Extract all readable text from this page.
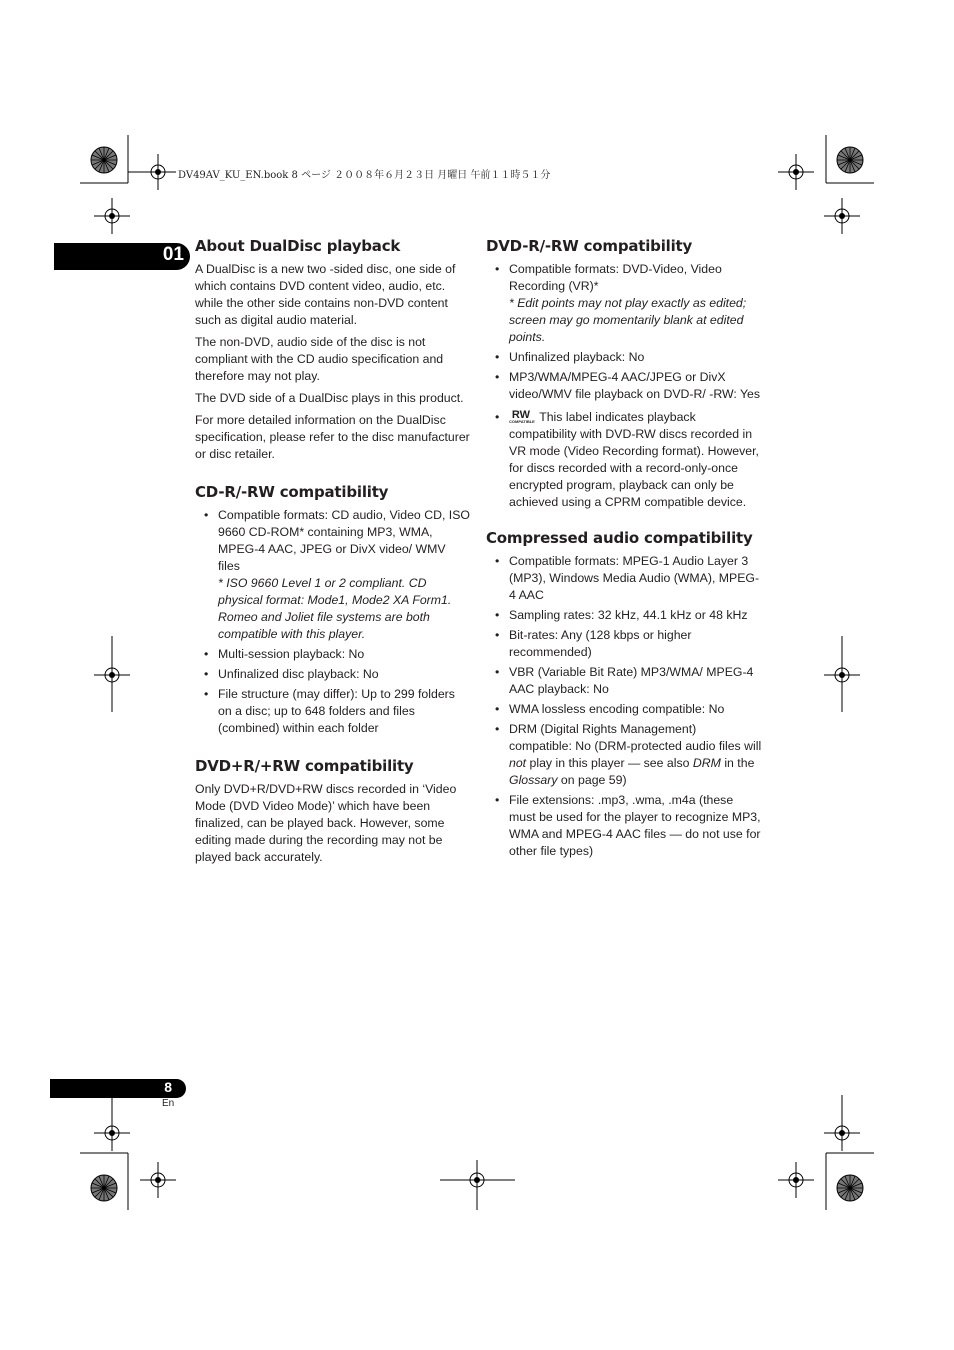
DV49AV_KU_EN.book 8 ページ ２００８年６月２３日 月曜日 午前１１時５１分
01 About DualDisc playback

A DualDisc is a new two -sided disc, one side of which contains DVD content video, audio, etc. while the other side contains non-DVD content such as digital audio material.

The non-DVD, audio side of the disc is not compliant with the CD audio specification and therefore may not play.

The DVD side of a DualDisc plays in this product.

For more detailed information on the DualDisc specification, please refer to the disc manufacturer or disc retailer.

CD-R/-RW compatibility
• Compatible formats: CD audio, Video CD, ISO 9660 CD-ROM* containing MP3, WMA, MPEG-4 AAC, JPEG or DivX video/ WMV files
* ISO 9660 Level 1 or 2 compliant. CD physical format: Mode1, Mode2 XA Form1. Romeo and Joliet file systems are both compatible with this player.
• Multi-session playback: No
• Unfinalized disc playback: No
• File structure (may differ): Up to 299 folders on a disc; up to 648 folders and files (combined) within each folder
DVD+R/+RW compatibility

Only DVD+R/DVD+RW discs recorded in ‘Video Mode (DVD Video Mode)’ which have been finalized, can be played back. However, some editing made during the recording may not be played back accurately.

DVD-R/-RW compatibility
• Compatible formats: DVD-Video, Video Recording (VR)*
* Edit points may not play exactly as edited; screen may go momentarily blank at edited points.
• Unfinalized playback: No
• MP3/WMA/MPEG-4 AAC/JPEG or DivX video/WMV file playback on DVD-R/ -RW: Yes
• RW
COMPATIBLE This label indicates playback compatibility with DVD-RW discs recorded in VR mode (Video Recording format). However, for discs recorded with a record-only-once encrypted program, playback can only be achieved using a CPRM compatible device.
Compressed audio compatibility
• Compatible formats: MPEG-1 Audio Layer 3 (MP3), Windows Media Audio (WMA), MPEG-4 AAC
• Sampling rates: 32 kHz, 44.1 kHz or 48 kHz
• Bit-rates: Any (128 kbps or higher recommended)
• VBR (Variable Bit Rate) MP3/WMA/ MPEG-4 AAC playback: No
• WMA lossless encoding compatible: No
• DRM (Digital Rights Management) compatible: No (DRM-protected audio files will not play in this player — see also DRM in the Glossary on page 59)
• File extensions: .mp3, .wma, .m4a (these must be used for the player to recognize MP3, WMA and MPEG-4 AAC files — do not use for other file types)
8
En
